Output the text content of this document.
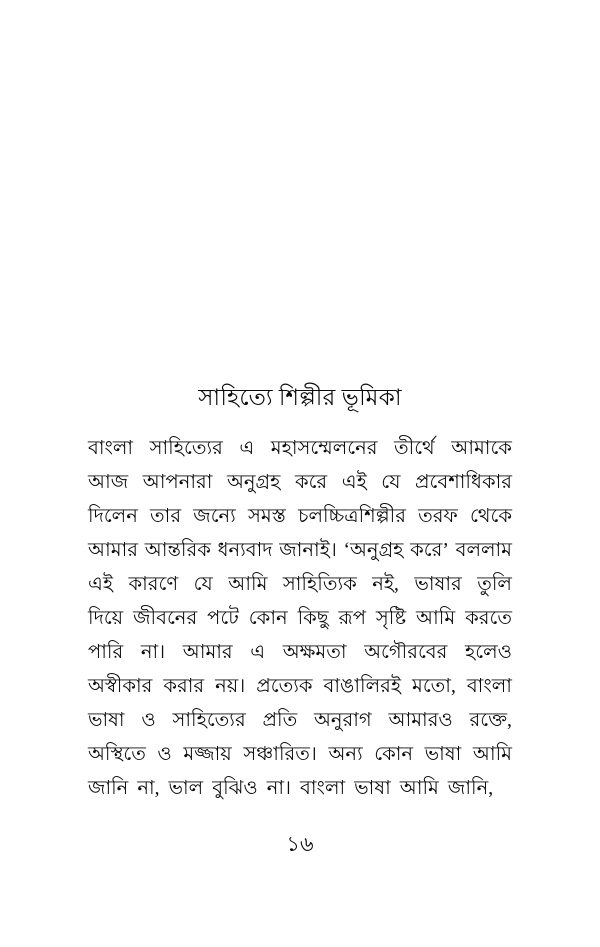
সাহিত্যে শিল্পীর ভূমিকা
বাংলা সাহিত্যের এ মহাসম্মেলনের তীর্থে আমাকে
আজ আপনারা অনুগ্রহ করে এই যে প্রবেশাধিকার
দিলেন তার জন্যে সমস্ত চলচ্চিত্রশিল্পীর তরফ থেকে
আমার আন্তরিক ধন্যবাদ জানাই। ‘অনুগ্রহ করে’ বললাম
এই কারণে যে আমি সাহিত্যিক নই, ভাষার তুলি
দিয়ে জীবনের পটে কোন কিছু রূপ সৃষ্টি আমি করতে
পারি না। আমার এ অক্ষমতা অগৌরবের হলেও
অস্বীকার করার নয়। প্রত্যেক বাঙালিরই মতো, বাংলা
ভাষা ও সাহিত্যের প্রতি অনুরাগ আমারও রক্তে,
অস্থিতে ও মজ্জায় সঞ্চারিত। অন্য কোন ভাষা আমি
জানি না, ভাল বুঝিও না। বাংলা ভাষা আমি জানি,
১৬
